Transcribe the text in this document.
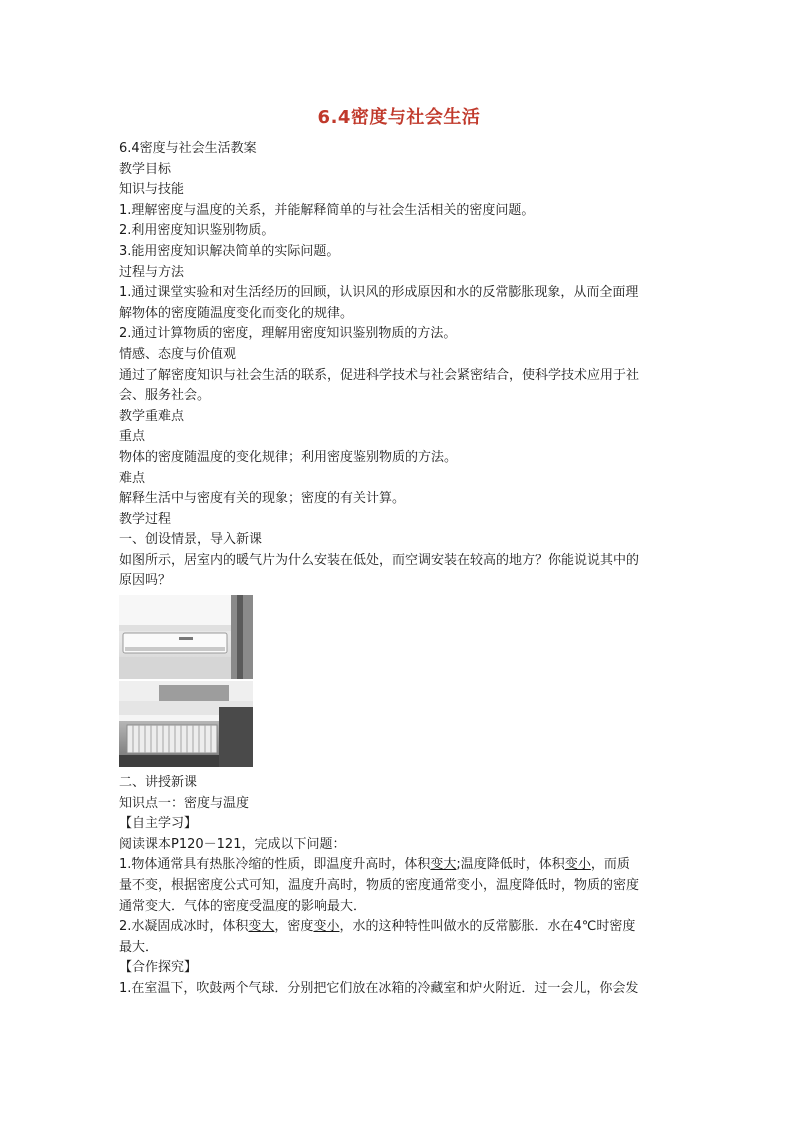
6.4密度与社会生活
6.4密度与社会生活教案
教学目标
知识与技能
1.理解密度与温度的关系，并能解释简单的与社会生活相关的密度问题。
2.利用密度知识鉴别物质。
3.能用密度知识解决简单的实际问题。
过程与方法
1.通过课堂实验和对生活经历的回顾，认识风的形成原因和水的反常膨胀现象，从而全面理
解物体的密度随温度变化而变化的规律。
2.通过计算物质的密度，理解用密度知识鉴别物质的方法。
情感、态度与价值观
通过了解密度知识与社会生活的联系，促进科学技术与社会紧密结合，使科学技术应用于社
会、服务社会。
教学重难点
重点
物体的密度随温度的变化规律；利用密度鉴别物质的方法。
难点
解释生活中与密度有关的现象；密度的有关计算。
教学过程
一、创设情景，导入新课
如图所示，居室内的暖气片为什么安装在低处，而空调安装在较高的地方？你能说说其中的
原因吗？
二、讲授新课
知识点一：密度与温度
【自主学习】
阅读课本P120－121，完成以下问题：
1.物体通常具有热胀冷缩的性质，即温度升高时，体积变大;温度降低时，体积变小，而质
量不变，根据密度公式可知，温度升高时，物质的密度通常变小，温度降低时，物质的密度
通常变大．气体的密度受温度的影响最大．
2.水凝固成冰时，体积变大，密度变小，水的这种特性叫做水的反常膨胀．水在4℃时密度
最大．
【合作探究】
1.在室温下，吹鼓两个气球．分别把它们放在冰箱的冷藏室和炉火附近．过一会儿，你会发
